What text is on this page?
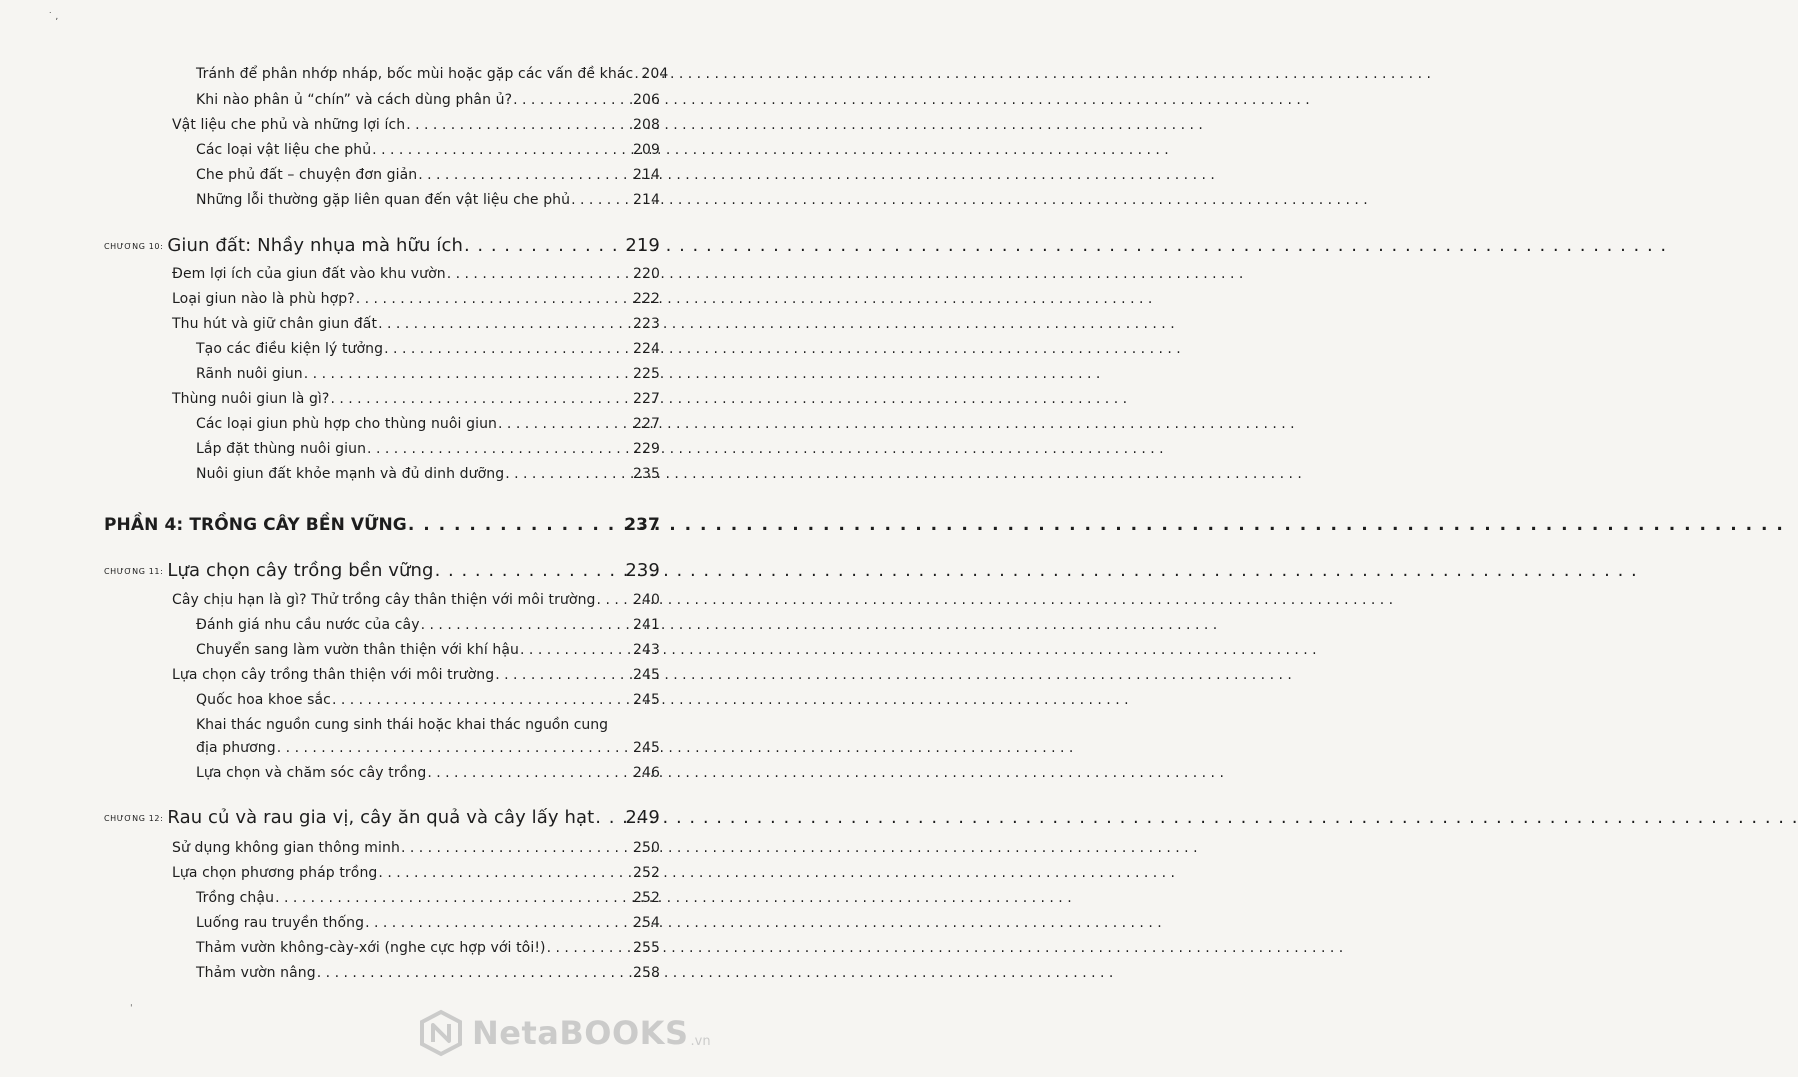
˙ ,
ˌ
Tránh để phân nhớp nháp, bốc mùi hoặc gặp các vấn đề khác . . . 204
Khi nào phân ủ “chín” và cách dùng phân ủ? . . .	206
Vật liệu che phủ và những lợi ích . . .	208
Các loại vật liệu che phủ . . .	209
Che phủ đất – chuyện đơn giản . . .	214
Những lỗi thường gặp liên quan đến vật liệu che phủ . . .	214
CHƯƠNG 10: Giun đất: Nhầy nhụa mà hữu ích . . .	219
Đem lợi ích của giun đất vào khu vườn . . .	220
Loại giun nào là phù hợp? . . .	222
Thu hút và giữ chân giun đất . . .	223
Tạo các điều kiện lý tưởng . . .	224
Rãnh nuôi giun . . .	225
Thùng nuôi giun là gì? . . .	227
Các loại giun phù hợp cho thùng nuôi giun . . .	227
Lắp đặt thùng nuôi giun . . .	229
Nuôi giun đất khỏe mạnh và đủ dinh dưỡng . . .	235
PHẦN 4: TRỒNG CÂY BỀN VỮNG . . .	237
CHƯƠNG 11: Lựa chọn cây trồng bền vững . . .	239
Cây chịu hạn là gì? Thử trồng cây thân thiện với môi trường . . .	240
Đánh giá nhu cầu nước của cây . . .	241
Chuyển sang làm vườn thân thiện với khí hậu . . .	243
Lựa chọn cây trồng thân thiện với môi trường . . .	245
Quốc hoa khoe sắc . . .	245
Khai thác nguồn cung sinh thái hoặc khai thác nguồn cung
địa phương . . .	245
Lựa chọn và chăm sóc cây trồng . . .	246
CHƯƠNG 12: Rau củ và rau gia vị, cây ăn quả và cây lấy hạt . . . 249
Sử dụng không gian thông minh . . .	250
Lựa chọn phương pháp trồng . . .	252
Trồng chậu . . .	252
Luống rau truyền thống . . .	254
Thảm vườn không-cày-xới (nghe cực hợp với tôi!) . . .	255
Thảm vườn nâng . . .	258
NetaBOOKS .vn
